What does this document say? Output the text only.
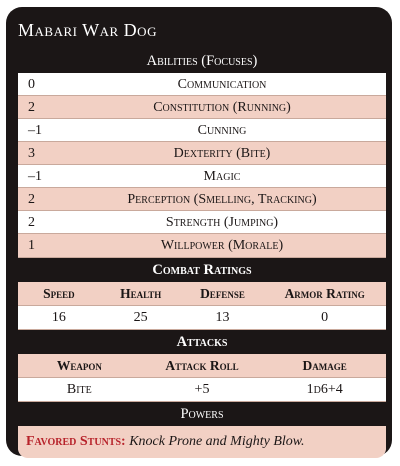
Mabari War Dog
Abilities (Focuses)
0	Communication
2	Constitution (Running)
–1	Cunning
3	Dexterity (Bite)
–1	Magic
2	Perception (Smelling, Tracking)
2	Strength (Jumping)
1	Willpower (Morale)
Combat Ratings
Speed	Health	Defense	Armor Rating
16	25	13	0
Attacks
Weapon	Attack Roll	Damage
Bite	+5	1d6+4
Powers
Favored Stunts: Knock Prone and Mighty Blow.
